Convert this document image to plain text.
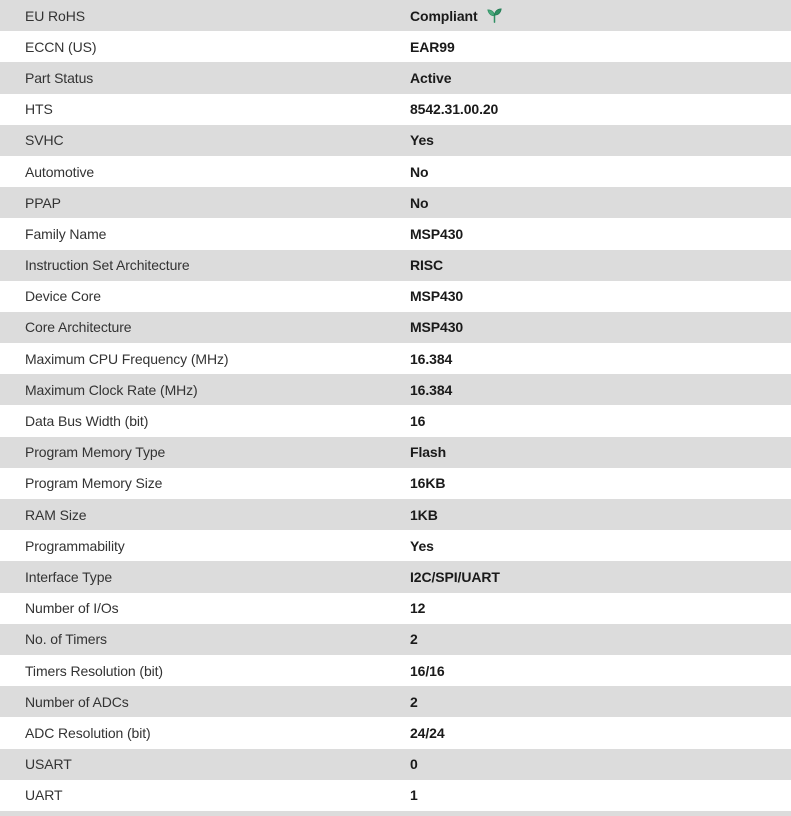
EU RoHS	Compliant
ECCN (US)	EAR99
Part Status	Active
HTS	8542.31.00.20
SVHC	Yes
Automotive	No
PPAP	No
Family Name	MSP430
Instruction Set Architecture	RISC
Device Core	MSP430
Core Architecture	MSP430
Maximum CPU Frequency (MHz)	16.384
Maximum Clock Rate (MHz)	16.384
Data Bus Width (bit)	16
Program Memory Type	Flash
Program Memory Size	16KB
RAM Size	1KB
Programmability	Yes
Interface Type	I2C/SPI/UART
Number of I/Os	12
No. of Timers	2
Timers Resolution (bit)	16/16
Number of ADCs	2
ADC Resolution (bit)	24/24
USART	0
UART	1
